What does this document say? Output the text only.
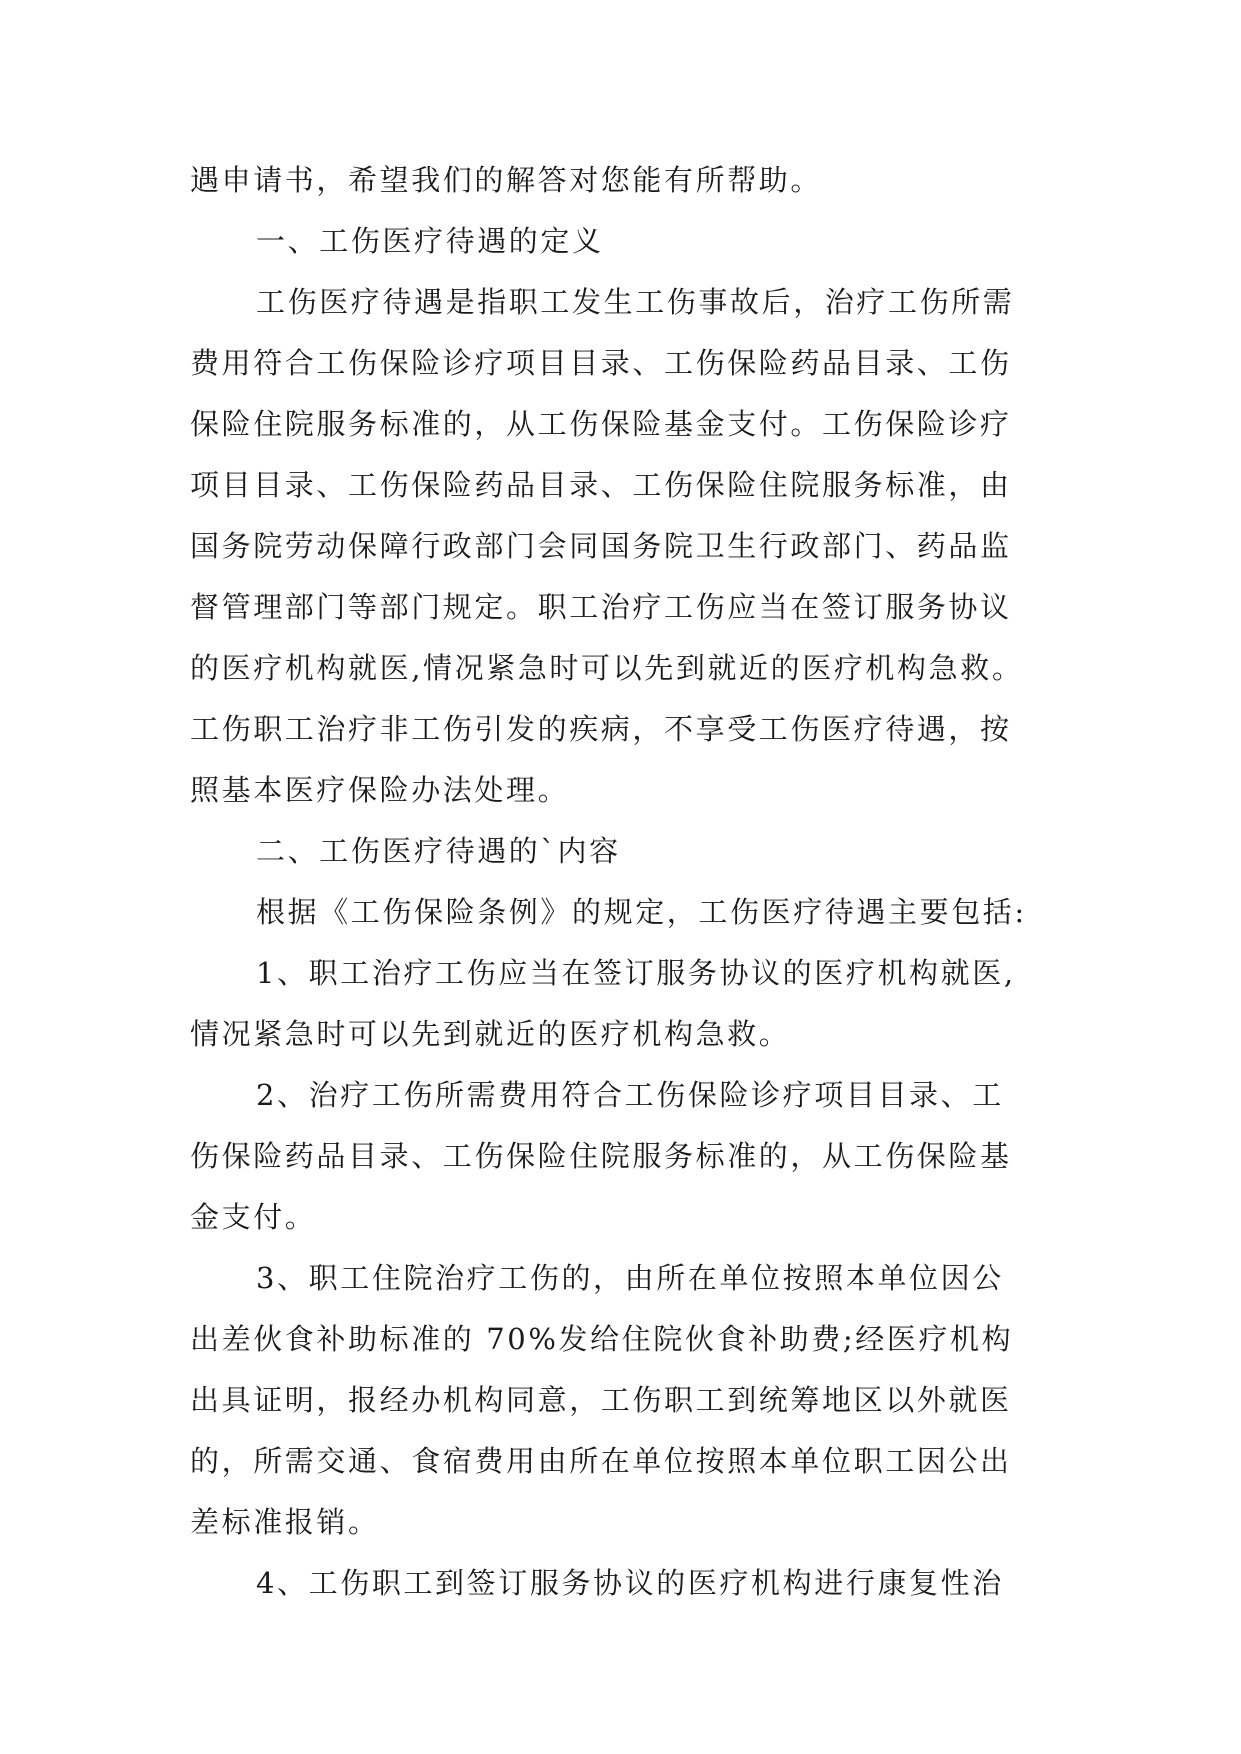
遇申请书，希望我们的解答对您能有所帮助。
一、工伤医疗待遇的定义
工伤医疗待遇是指职工发生工伤事故后，治疗工伤所需
费用符合工伤保险诊疗项目目录、工伤保险药品目录、工伤
保险住院服务标准的，从工伤保险基金支付。工伤保险诊疗
项目目录、工伤保险药品目录、工伤保险住院服务标准，由
国务院劳动保障行政部门会同国务院卫生行政部门、药品监
督管理部门等部门规定。职工治疗工伤应当在签订服务协议
的医疗机构就医,情况紧急时可以先到就近的医疗机构急救。
工伤职工治疗非工伤引发的疾病，不享受工伤医疗待遇，按
照基本医疗保险办法处理。
二、工伤医疗待遇的`内容
根据《工伤保险条例》的规定，工伤医疗待遇主要包括:
1、职工治疗工伤应当在签订服务协议的医疗机构就医,
情况紧急时可以先到就近的医疗机构急救。
2、治疗工伤所需费用符合工伤保险诊疗项目目录、工
伤保险药品目录、工伤保险住院服务标准的，从工伤保险基
金支付。
3、职工住院治疗工伤的，由所在单位按照本单位因公
出差伙食补助标准的 70%发给住院伙食补助费;经医疗机构
出具证明，报经办机构同意，工伤职工到统筹地区以外就医
的，所需交通、食宿费用由所在单位按照本单位职工因公出
差标准报销。
4、工伤职工到签订服务协议的医疗机构进行康复性治
